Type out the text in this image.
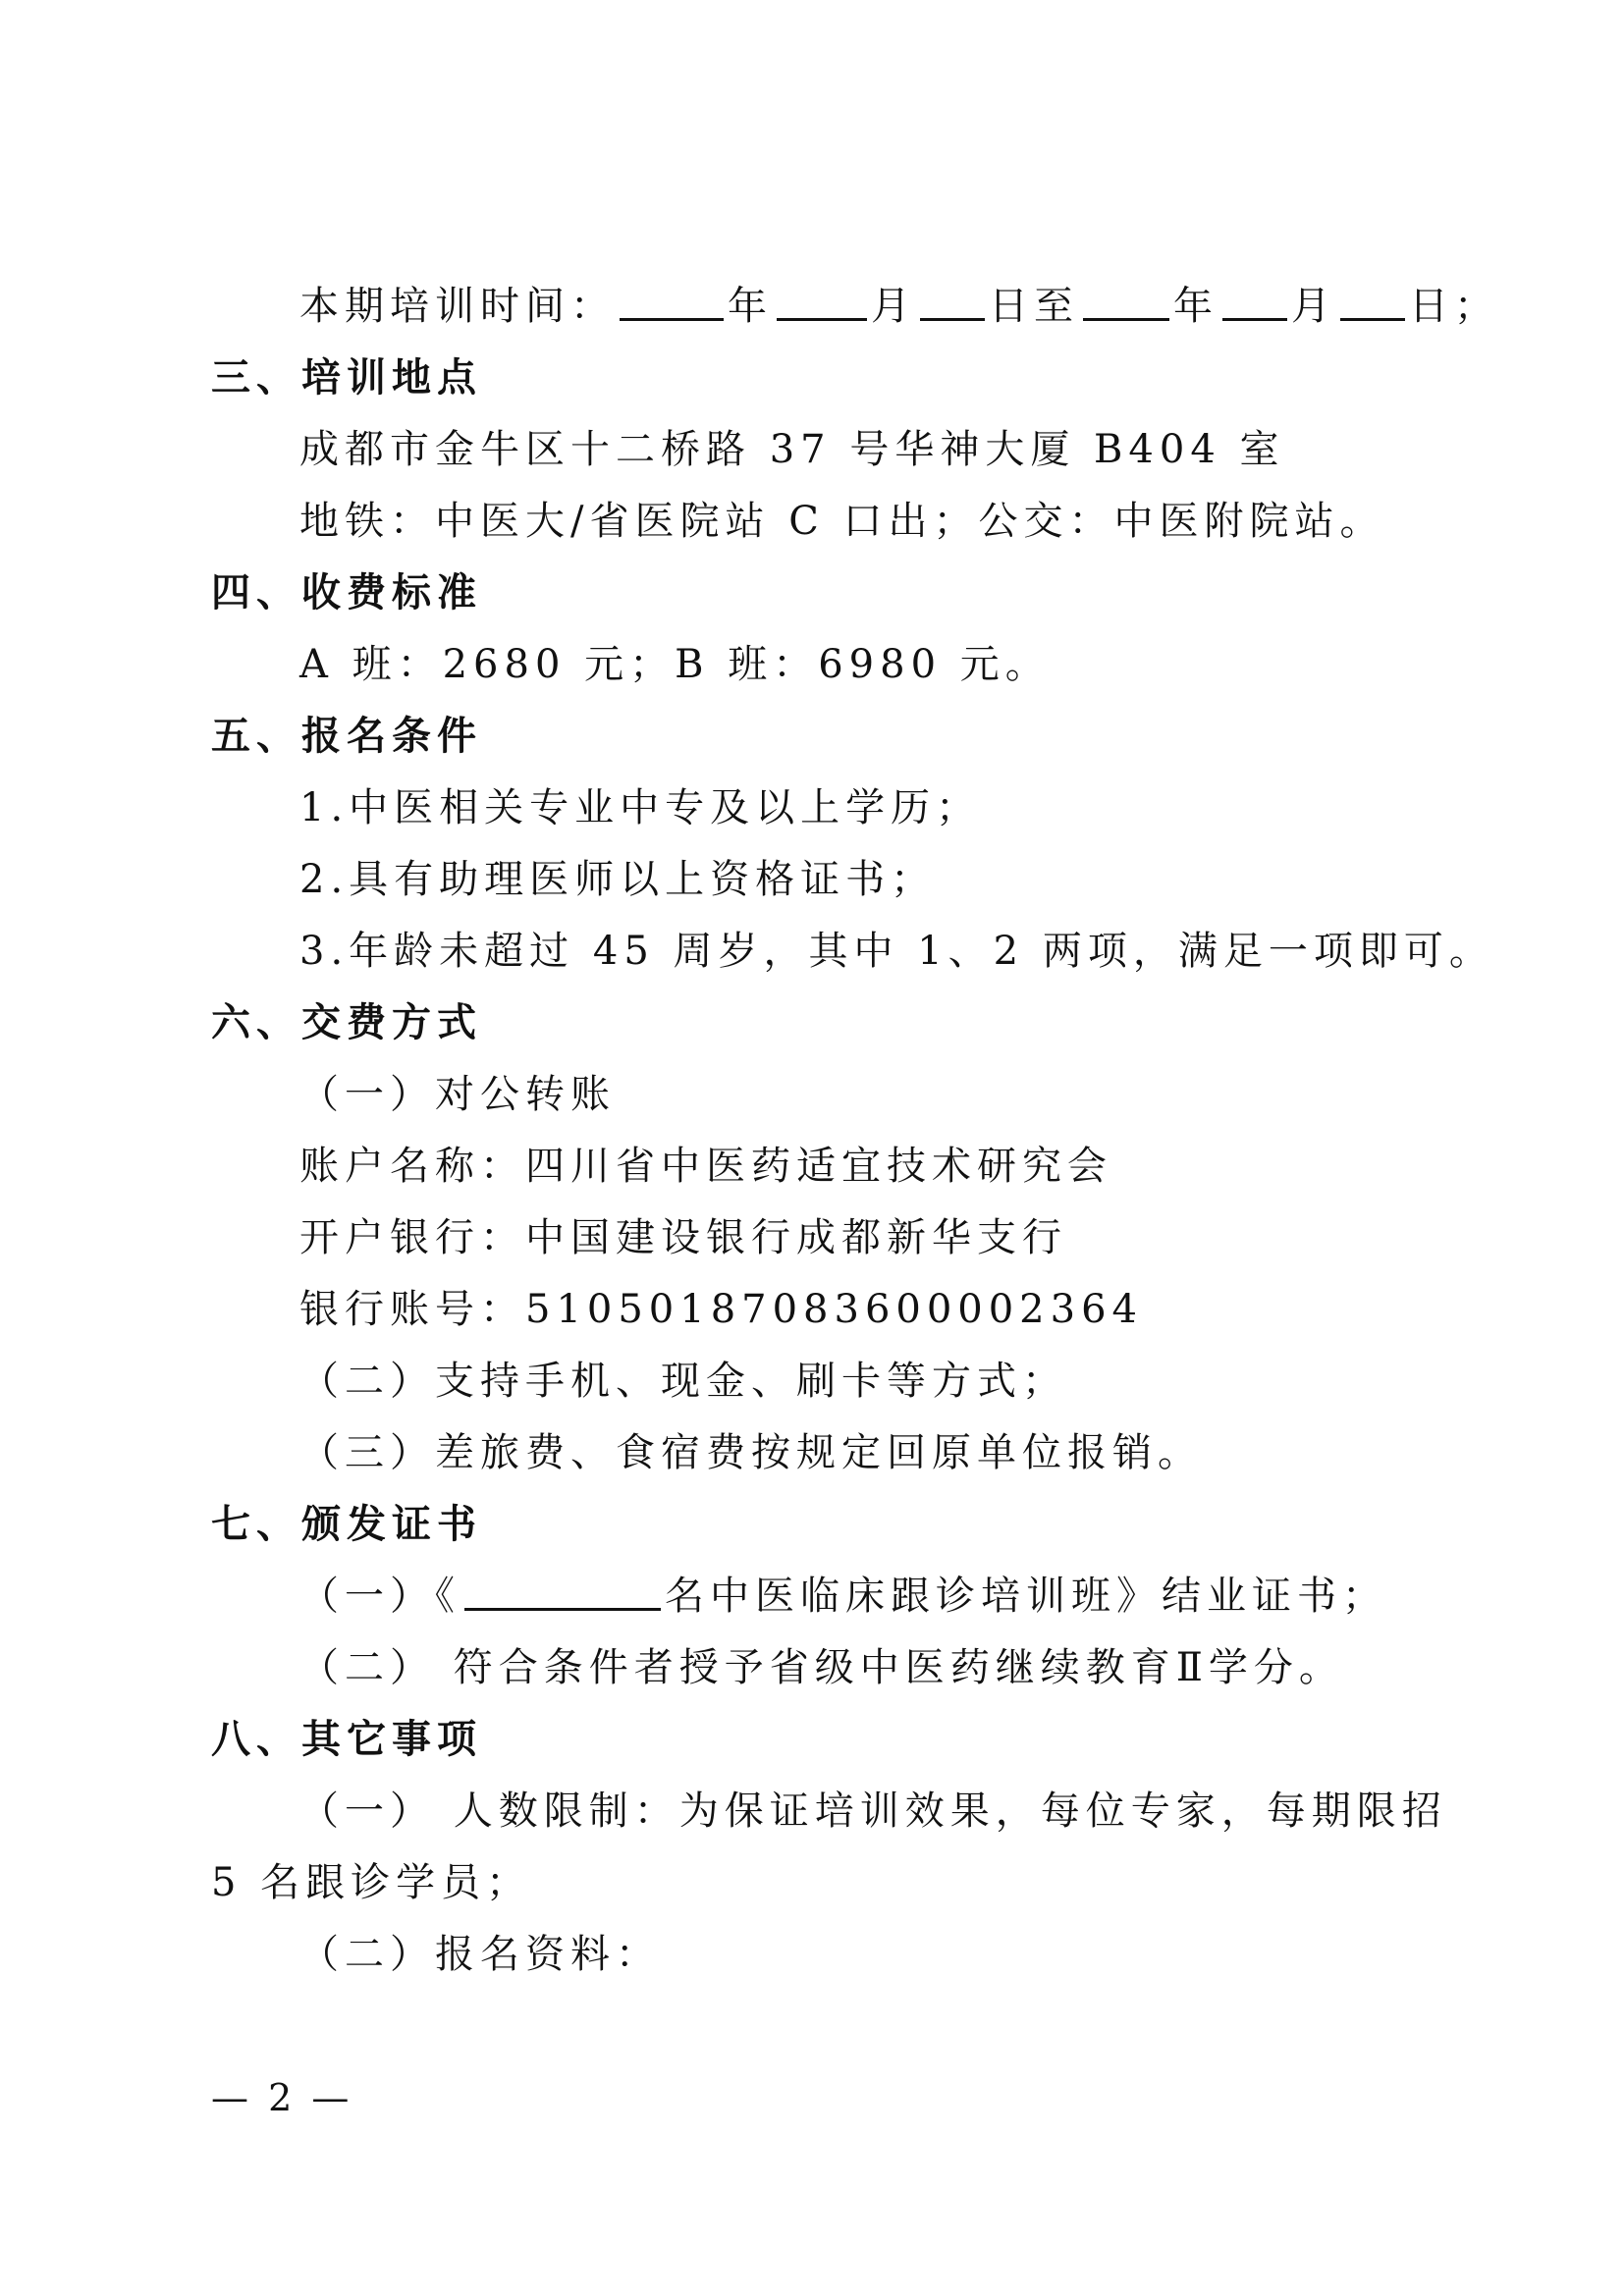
本期培训时间：	年	月 日至 年 月 日；
三、培训地点
成都市金牛区十二桥路 37 号华神大厦 B404 室
地铁：中医大/省医院站 C 口出；公交：中医附院站。
四、收费标准
A 班：2680 元；B 班：6980 元。
五、报名条件
1.中医相关专业中专及以上学历；
2.具有助理医师以上资格证书；
3.年龄未超过 45 周岁，其中 1、2 两项，满足一项即可。
六、交费方式
（一）对公转账
账户名称：四川省中医药适宜技术研究会
开户银行：中国建设银行成都新华支行
银行账号：51050187083600002364
（二）支持手机、现金、刷卡等方式；
（三）差旅费、食宿费按规定回原单位报销。
七、颁发证书
（一）《	名中医临床跟诊培训班》结业证书；
（二） 符合条件者授予省级中医药继续教育Ⅱ学分。
八、其它事项
（一） 人数限制：为保证培训效果，每位专家，每期限招
5 名跟诊学员；
（二）报名资料：
— 2 —
